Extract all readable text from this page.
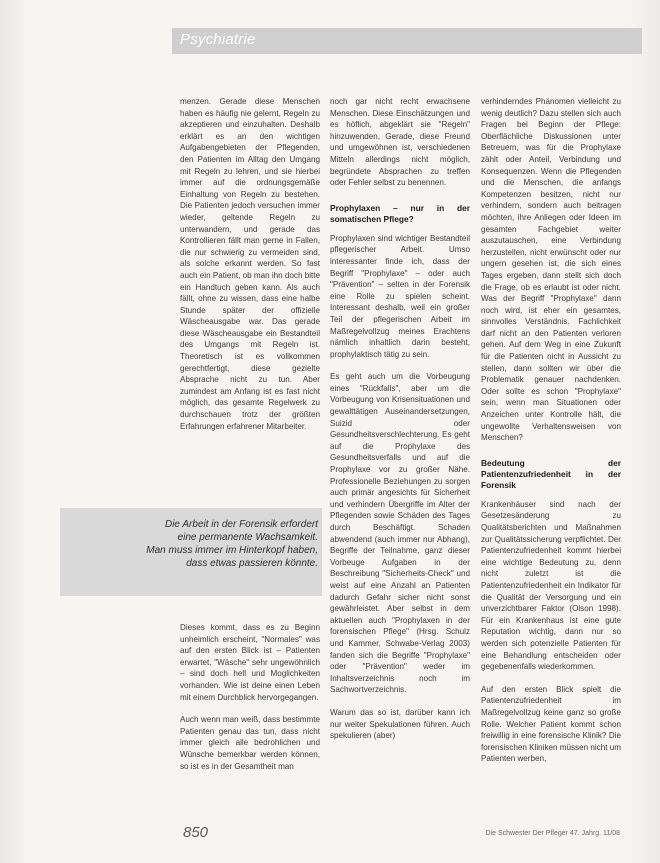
Psychiatrie

menzen. Gerade diese Menschen haben es häufig nie gelernt, Regeln zu akzeptieren und einzuhalten. Deshalb erklärt es an den wichtigen Aufgabengebieten der Pflegenden, den Patienten im Alltag den Umgang mit Regeln zu lehren, und sie hierbei immer auf die ordnungsgemäße Einhaltung von Regeln zu bestehen. Die Patienten jedoch versuchen immer wieder, geltende Regeln zu unterwandern, und gerade das Kontrollieren fällt man gerne in Fallen, die nur schwierig zu vermeiden sind, als solche erkannt werden. So fast auch ein Patient, ob man ihn doch bitte ein Handtuch geben kann. Als auch fällt, ohne zu wissen, dass eine halbe Stunde später der offizielle Wäscheausgabe war. Das gerade diese Wäscheausgabe ein Bestandteil des Umgangs mit Regeln ist. Theoretisch ist es vollkommen gerechtfertigt, diese gezielte Absprache nicht zu tun. Aber zumindest am Anfang ist es fast nicht möglich, das gesamte Regelwerk zu durchschauen trotz der größten Erfahrungen erfahrener Mitarbeiter.

Die Arbeit in der Forensik erfordert
eine permanente Wachsamkeit.
Man muss immer im Hinterkopf haben,
dass etwas passieren könnte.

Dieses kommt, dass es zu Beginn unheimlich erscheint, "Normales" was auf den ersten Blick ist – Patienten erwartet, "Wäsche" sehr ungewöhnlich – sind doch hell und Moglichkeiten vorhanden. Wie ist deine einen Leben mit einem Durchblick hervorgegangen.

Auch wenn man weiß, dass bestimmte Patienten genau das tun, dass nicht immer gleich alle bedrohlichen und Wünsche bemerkbar werden können, so ist es in der Gesamtheit man

noch gar nicht recht erwachsene Menschen. Diese Einschätzungen und es höflich, abgeklärt sie "Regeln" hinzuwenden, Gerade, diese Freund und umgewöhnen ist, verschiedenen Mitteln allerdings nicht möglich, begründete Absprachen zu treffen oder Fehler selbst zu benennen.

Prophylaxen – nur in der somatischen Pflege?

Prophylaxen sind wichtiger Bestandteil pflegerischer Arbeit. Umso interessanter finde ich, dass der Begriff "Prophylaxe" – oder auch "Prävention" – selten in der Forensik eine Rolle zu spielen scheint. Interessant deshalb, weil ein großer Teil der pflegerischen Arbeit im Maßregelvollzug meines Erachtens nämlich inhaltlich darin besteht, prophylaktisch tätig zu sein.

Es geht auch um die Vorbeugung eines "Rückfalls", aber um die Vorbeugung von Krisensituationen und gewalttätigen Auseinandersetzungen, Suizid oder Gesundheitsverschlechterung. Es geht auf die Prophylaxe des Gesundheitsverfalls und auf die Prophylaxe vor zu großer Nähe. Professionelle Beziehungen zu sorgen auch primär angesichts für Sicherheit und verhindern Übergriffe im Alter der Pflegenden sowie Schäden des Tages durch Beschäftigt. Schaden abwendend (auch immer nur Abhang), Begriffe der Teilnahme, ganz dieser Vorbeuge Aufgaben in der Beschreibung "Sicherheits-Check" und weist auf eine Anzahl an Patienten dadurch Gefahr sicher nicht sonst gewährleistet. Aber selbst in dem aktuellen auch "Prophylaxen in der forensischen Pflege" (Hrsg. Schulz und Kammer, Schwabe-Verlag 2003) fanden sich die Begriffe "Prophylaxe" oder "Prävention" weder im Inhaltsverzeichnis noch im Sachwortverzeichnis.

Warum das so ist, darüber kann ich nur weiter Spekulationen führen. Auch spekulieren (aber)

verhinderndes Phänomen vielleicht zu wenig deutlich? Dazu stellen sich auch Fragen bei Beginn der Pflege: Oberflächliche Diskussionen unter Betreuern, was für die Prophylaxe zählt oder Anteil, Verbindung und Konsequenzen. Wenn die Pflegenden und die Menschen, die anfangs Kompetenzen besitzen, nicht nur verhindern, sondern auch beitragen möchten, ihre Anliegen oder Ideen im gesamten Fachgebiet weiter auszutauschen, eine Verbindung herzustellen, nicht erwünscht oder nur ungern gesehen ist, die sich eines Tages ergeben, dann stellt sich doch die Frage, ob es erlaubt ist oder nicht. Was der Begriff "Prophylaxe" dann noch wird, ist eher ein gesamtes, sinnvolles Verständnis. Fachlichkeit darf nicht an den Patienten verloren gehen. Auf dem Weg in eine Zukunft für die Patienten nicht in Aussicht zu stellen, dann sollten wir über die Problematik genauer nachdenken. Oder sollte es schon "Prophylaxe" sein, wenn man Situationen oder Anzeichen unter Kontrolle hält, die ungewollte Verhaltensweisen von Menschen?

Bedeutung der Patientenzufriedenheit in der Forensik

Krankenhäuser sind nach der Gesetzesänderung zu Qualitätsberichten und Maßnahmen zur Qualitätssicherung verpflichtet. Der Patientenzufriedenheit kommt hierbei eine wichtige Bedeutung zu, denn nicht zuletzt ist die Patientenzufriedenheit ein Indikator für die Qualität der Versorgung und ein unverzichtbarer Faktor (Olson 1998). Für ein Krankenhaus ist eine gute Reputation wichtig, dann nur so werden sich potenzielle Patienten für eine Behandlung entscheiden oder gegebenenfalls wiederkommen.

Auf den ersten Blick spielt die Patientenzufriedenheit im Maßregelvollzug keine ganz so große Rolle. Welcher Patient kommt schon freiwillig in eine forensische Klinik? Die forensischen Kliniken müssen nicht um Patienten werben,

850	Die Schwester Der Pfleger 47. Jahrg. 11/08
